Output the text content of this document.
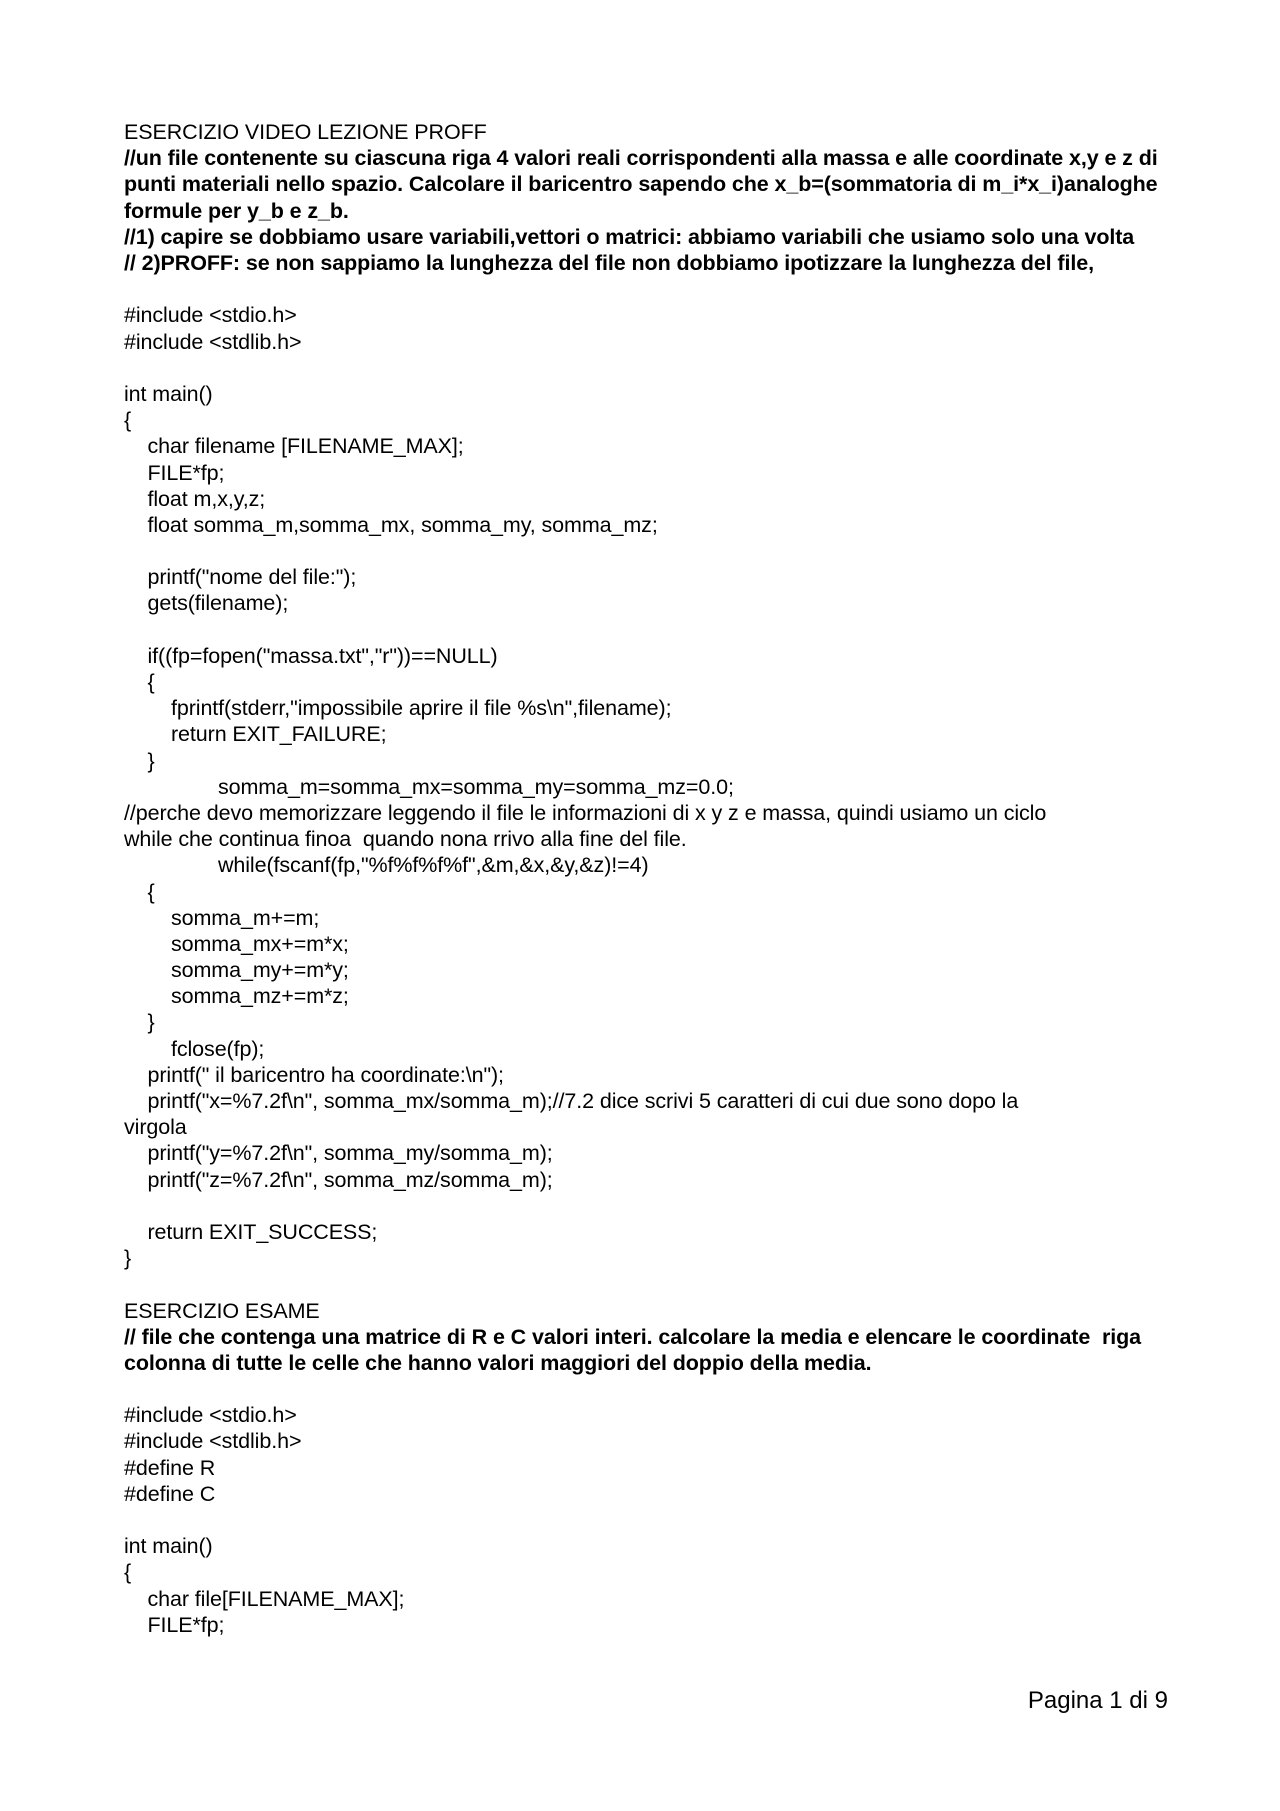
ESERCIZIO VIDEO LEZIONE PROFF
//un file contenente su ciascuna riga 4 valori reali corrispondenti alla massa e alle coordinate x,y e z di punti materiali nello spazio. Calcolare il baricentro sapendo che x_b=(sommatoria di m_i*x_i)analoghe formule per y_b e z_b.
//1) capire se dobbiamo usare variabili,vettori o matrici: abbiamo variabili che usiamo solo una volta
// 2)PROFF: se non sappiamo la lunghezza del file non dobbiamo ipotizzare la lunghezza del file,
#include <stdio.h>
#include <stdlib.h>
int main()
{
char filename [FILENAME_MAX];
FILE*fp;
float m,x,y,z;
float somma_m,somma_mx, somma_my, somma_mz;
printf("nome del file:");
gets(filename);
if((fp=fopen("massa.txt","r"))==NULL)
{
fprintf(stderr,"impossibile aprire il file %s\n",filename);
return EXIT_FAILURE;
}
somma_m=somma_mx=somma_my=somma_mz=0.0;
//perche devo memorizzare leggendo il file le informazioni di x y z e massa, quindi usiamo un ciclo
while che continua finoa  quando nona rrivo alla fine del file.
while(fscanf(fp,"%f%f%f%f",&m,&x,&y,&z)!=4)
{
somma_m+=m;
somma_mx+=m*x;
somma_my+=m*y;
somma_mz+=m*z;
}
fclose(fp);
printf(" il baricentro ha coordinate:\n");
printf("x=%7.2f\n", somma_mx/somma_m);//7.2 dice scrivi 5 caratteri di cui due sono dopo la
virgola
printf("y=%7.2f\n", somma_my/somma_m);
printf("z=%7.2f\n", somma_mz/somma_m);
return EXIT_SUCCESS;
}
ESERCIZIO ESAME
// file che contenga una matrice di R e C valori interi. calcolare la media e elencare le coordinate  riga colonna di tutte le celle che hanno valori maggiori del doppio della media.
#include <stdio.h>
#include <stdlib.h>
#define R
#define C
int main()
{
char file[FILENAME_MAX];
FILE*fp;
Pagina 1 di 9
